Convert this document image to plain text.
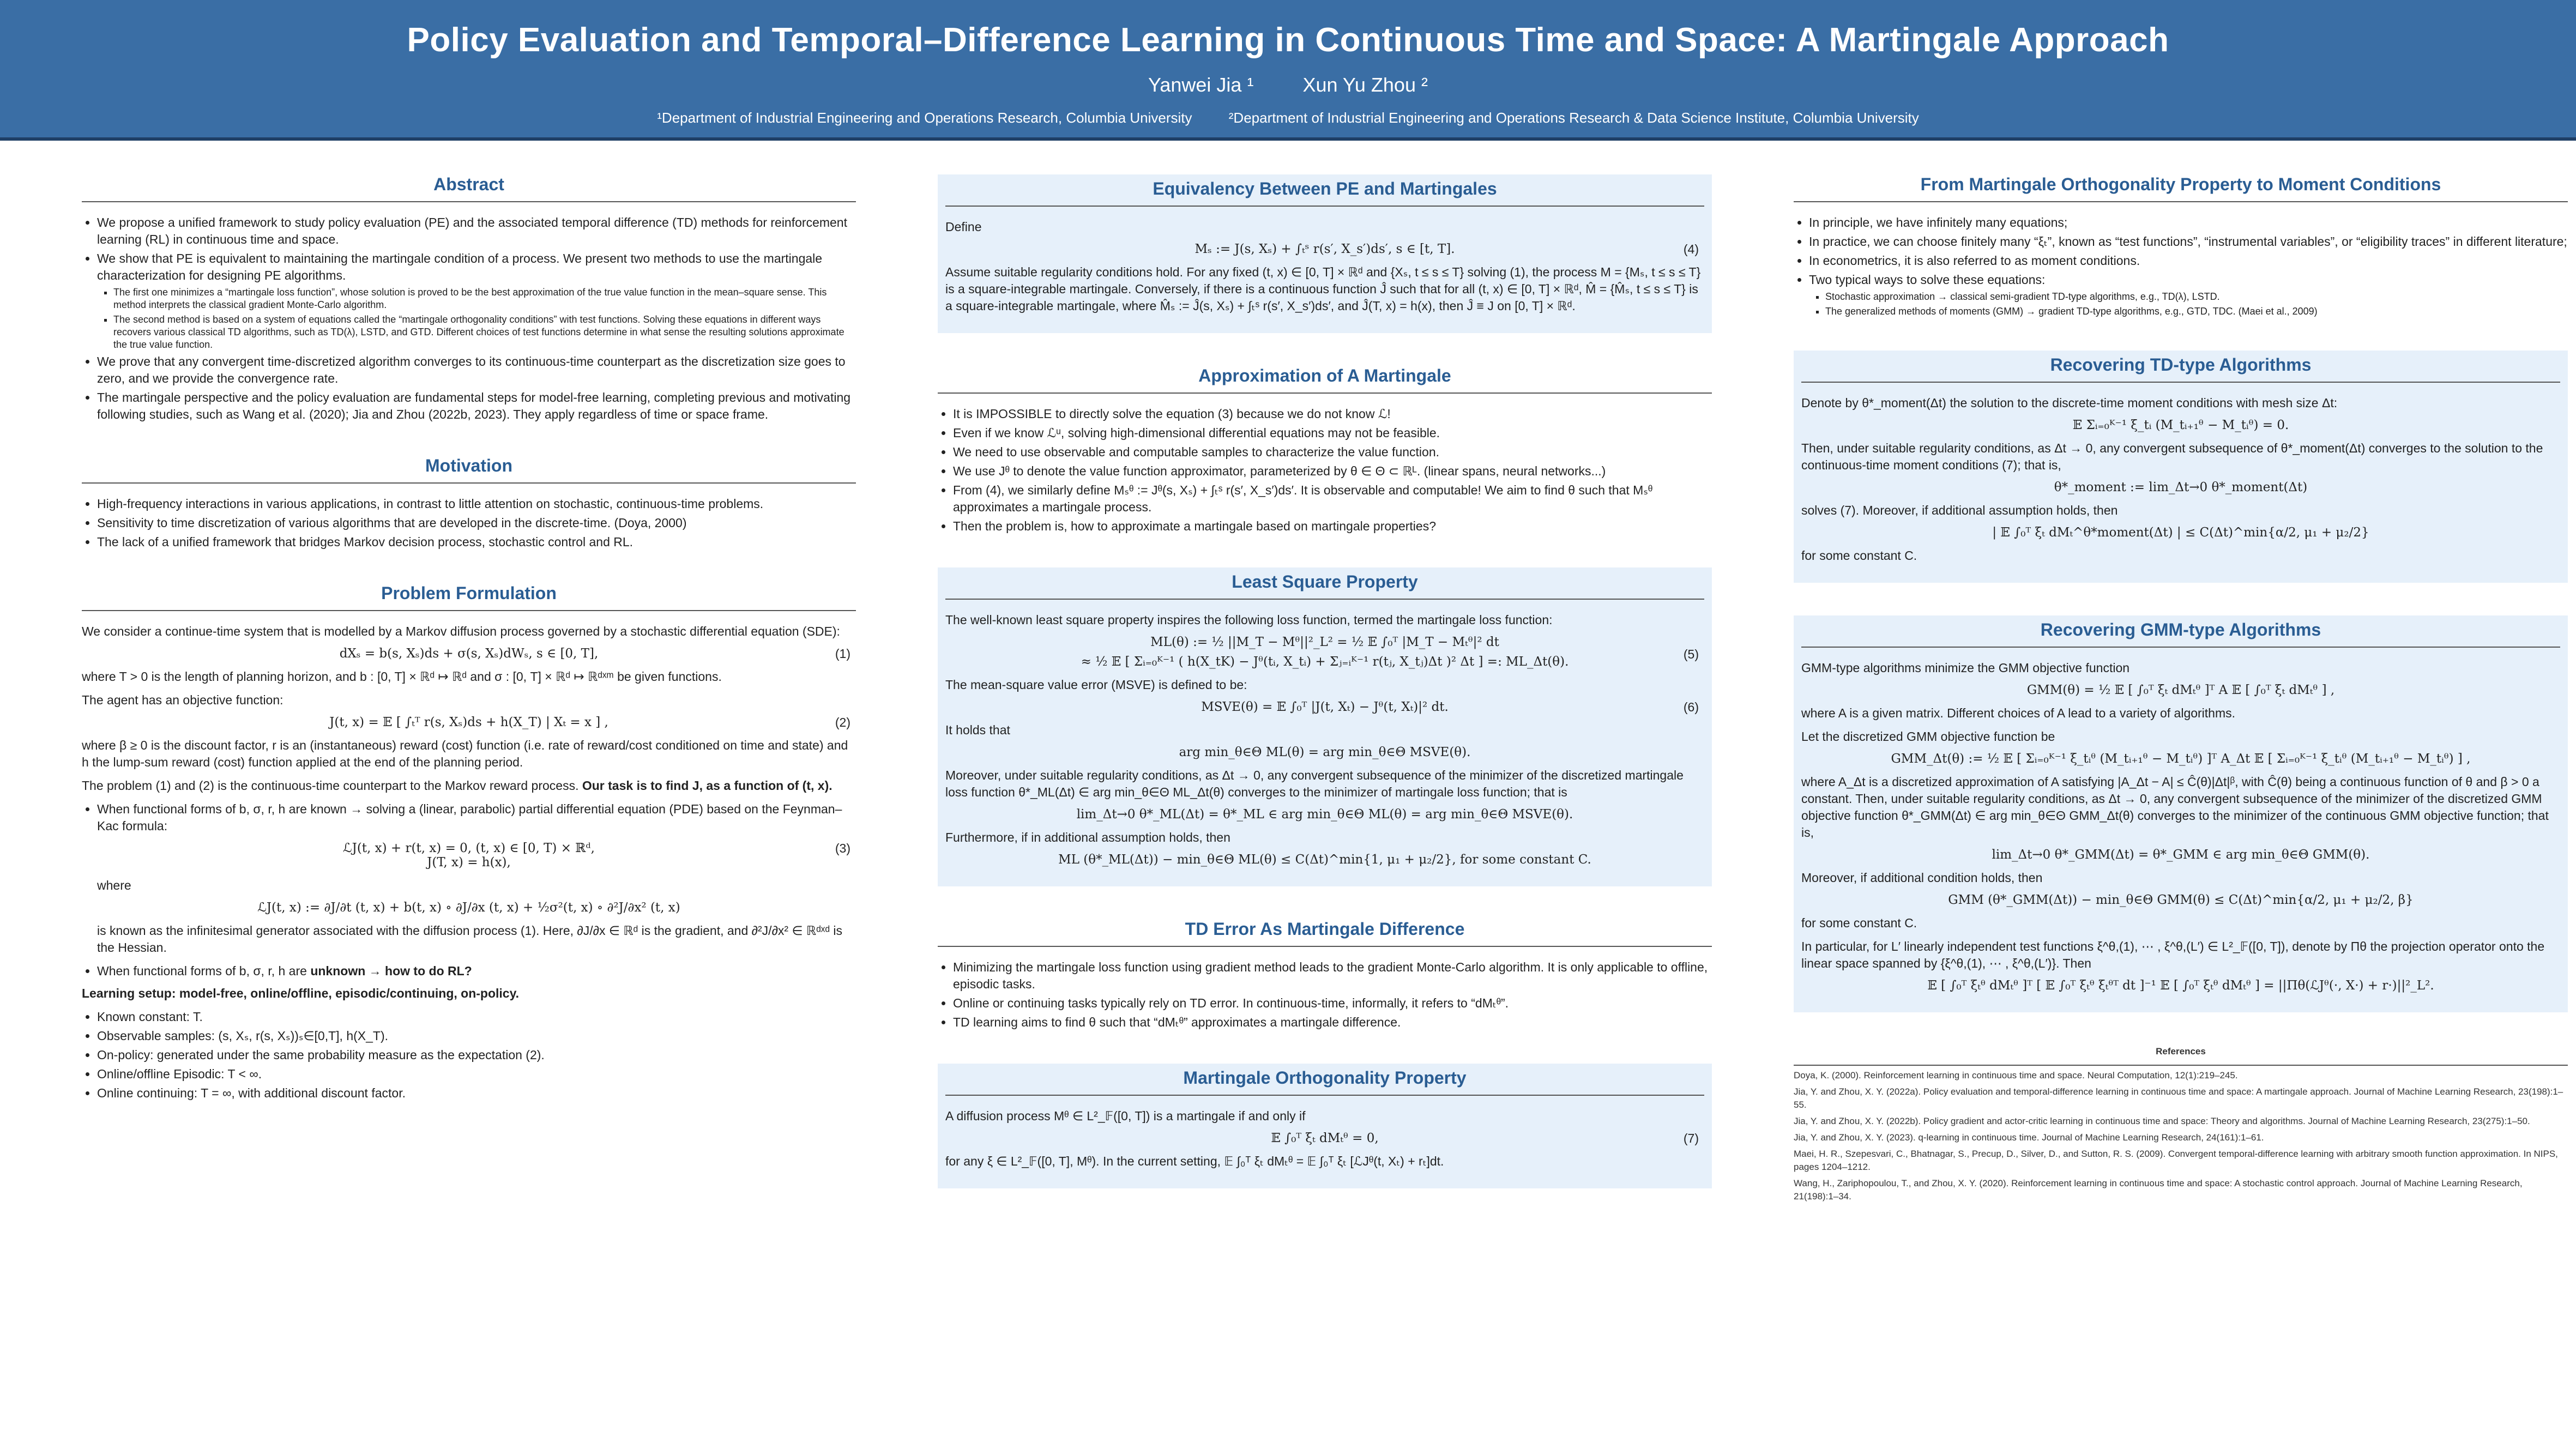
Policy Evaluation and Temporal–Difference Learning in Continuous Time and Space: A Martingale Approach
Yanwei Jia ¹	Xun Yu Zhou ²
¹Department of Industrial Engineering and Operations Research, Columbia University	²Department of Industrial Engineering and Operations Research & Data Science Institute, Columbia University
Abstract
• We propose a unified framework to study policy evaluation (PE) and the associated temporal difference (TD) methods for reinforcement learning (RL) in continuous time and space.
• We show that PE is equivalent to maintaining the martingale condition of a process. We present two methods to use the martingale characterization for designing PE algorithms.
▪ The first one minimizes a “martingale loss function”, whose solution is proved to be the best approximation of the true value function in the mean–square sense. This method interprets the classical gradient Monte-Carlo algorithm.
▪ The second method is based on a system of equations called the “martingale orthogonality conditions” with test functions. Solving these equations in different ways recovers various classical TD algorithms, such as TD(λ), LSTD, and GTD. Different choices of test functions determine in what sense the resulting solutions approximate the true value function.
• We prove that any convergent time-discretized algorithm converges to its continuous-time counterpart as the discretization size goes to zero, and we provide the convergence rate.
• The martingale perspective and the policy evaluation are fundamental steps for model-free learning, completing previous and motivating following studies, such as Wang et al. (2020); Jia and Zhou (2022b, 2023). They apply regardless of time or space frame.
Motivation
• High-frequency interactions in various applications, in contrast to little attention on stochastic, continuous-time problems.
• Sensitivity to time discretization of various algorithms that are developed in the discrete-time. (Doya, 2000)
• The lack of a unified framework that bridges Markov decision process, stochastic control and RL.
Problem Formulation

We consider a continue-time system that is modelled by a Markov diffusion process governed by a stochastic differential equation (SDE):

dXₛ = b(s, Xₛ)ds + σ(s, Xₛ)dWₛ, s ∈ [0, T],	(1)

where T > 0 is the length of planning horizon, and b : [0, T] × ℝᵈ ↦ ℝᵈ and σ : [0, T] × ℝᵈ ↦ ℝᵈˣᵐ be given functions.

The agent has an objective function:

J(t, x) = 𝔼 [ ∫ₜᵀ r(s, Xₛ)ds + h(X_T) | Xₜ = x ] ,	(2)

where β ≥ 0 is the discount factor, r is an (instantaneous) reward (cost) function (i.e. rate of reward/cost conditioned on time and state) and h the lump-sum reward (cost) function applied at the end of the planning period.

The problem (1) and (2) is the continuous-time counterpart to the Markov reward process. Our task is to find J, as a function of (t, x).

• When functional forms of b, σ, r, h are known → solving a (linear, parabolic) partial differential equation (PDE) based on the Feynman–Kac formula:
ℒJ(t, x) + r(t, x) = 0, (t, x) ∈ [0, T) × ℝᵈ,
J(T, x) = h(x),
(3)

where

ℒJ(t, x) := ∂J/∂t (t, x) + b(t, x) ∘ ∂J/∂x (t, x) + ½σ²(t, x) ∘ ∂²J/∂x² (t, x)

is known as the infinitesimal generator associated with the diffusion process (1). Here, ∂J/∂x ∈ ℝᵈ is the gradient, and ∂²J/∂x² ∈ ℝᵈˣᵈ is the Hessian.

• When functional forms of b, σ, r, h are unknown → how to do RL?

Learning setup: model-free, online/offline, episodic/continuing, on-policy.

• Known constant: T.
• Observable samples: (s, Xₛ, r(s, Xₛ))ₛ∈[0,T], h(X_T).
• On-policy: generated under the same probability measure as the expectation (2).
• Online/offline Episodic: T < ∞.
• Online continuing: T = ∞, with additional discount factor.
Equivalency Between PE and Martingales

Define

Mₛ := J(s, Xₛ) + ∫ₜˢ r(s′, X_s′)ds′, s ∈ [t, T].	(4)

Assume suitable regularity conditions hold. For any fixed (t, x) ∈ [0, T] × ℝᵈ and {Xₛ, t ≤ s ≤ T} solving (1), the process M = {Mₛ, t ≤ s ≤ T} is a square-integrable martingale. Conversely, if there is a continuous function Ĵ such that for all (t, x) ∈ [0, T] × ℝᵈ, M̂ = {M̂ₛ, t ≤ s ≤ T} is a square-integrable martingale, where M̂ₛ := Ĵ(s, Xₛ) + ∫ₜˢ r(s′, X_s′)ds′, and Ĵ(T, x) = h(x), then Ĵ ≡ J on [0, T] × ℝᵈ.

Approximation of A Martingale
• It is IMPOSSIBLE to directly solve the equation (3) because we do not know ℒ!
• Even if we know ℒᵘ, solving high-dimensional differential equations may not be feasible.
• We need to use observable and computable samples to characterize the value function.
• We use Jᶿ to denote the value function approximator, parameterized by θ ∈ Θ ⊂ ℝᴸ. (linear spans, neural networks...)
• From (4), we similarly define Mₛᶿ := Jᶿ(s, Xₛ) + ∫ₜˢ r(s′, X_s′)ds′. It is observable and computable! We aim to find θ such that Mₛᶿ approximates a martingale process.
• Then the problem is, how to approximate a martingale based on martingale properties?
Least Square Property

The well-known least square property inspires the following loss function, termed the martingale loss function:

ML(θ) := ½ ||M_T − Mᶿ||²_L² = ½ 𝔼 ∫₀ᵀ |M_T − Mₜᶿ|² dt
≈ ½ 𝔼 [ Σᵢ₌₀ᴷ⁻¹ ( h(X_tK) − Jᶿ(tᵢ, X_tᵢ) + Σⱼ₌ᵢᴷ⁻¹ r(tⱼ, X_tⱼ)Δt )² Δt ] =: ML_Δt(θ).
(5)

The mean-square value error (MSVE) is defined to be:

MSVE(θ) = 𝔼 ∫₀ᵀ |J(t, Xₜ) − Jᶿ(t, Xₜ)|² dt.	(6)

It holds that

arg min_θ∈Θ ML(θ) = arg min_θ∈Θ MSVE(θ).

Moreover, under suitable regularity conditions, as Δt → 0, any convergent subsequence of the minimizer of the discretized martingale loss function θ*_ML(Δt) ∈ arg min_θ∈Θ ML_Δt(θ) converges to the minimizer of martingale loss function; that is

lim_Δt→0 θ*_ML(Δt) = θ*_ML ∈ arg min_θ∈Θ ML(θ) = arg min_θ∈Θ MSVE(θ).

Furthermore, if in additional assumption holds, then

ML (θ*_ML(Δt)) − min_θ∈Θ ML(θ) ≤ C(Δt)^min{1, μ₁ + μ₂/2}, for some constant C.
TD Error As Martingale Difference
• Minimizing the martingale loss function using gradient method leads to the gradient Monte-Carlo algorithm. It is only applicable to offline, episodic tasks.
• Online or continuing tasks typically rely on TD error. In continuous-time, informally, it refers to “dMₜᶿ”.
• TD learning aims to find θ such that “dMₜᶿ” approximates a martingale difference.
Martingale Orthogonality Property

A diffusion process Mᶿ ∈ L²_𝔽([0, T]) is a martingale if and only if

𝔼 ∫₀ᵀ ξₜ dMₜᶿ = 0,	(7)

for any ξ ∈ L²_𝔽([0, T], Mᶿ). In the current setting, 𝔼 ∫₀ᵀ ξₜ dMₜᶿ = 𝔼 ∫₀ᵀ ξₜ [ℒJᶿ(t, Xₜ) + rₜ]dt.

From Martingale Orthogonality Property to Moment Conditions
• In principle, we have infinitely many equations;
• In practice, we can choose finitely many “ξₜ”, known as “test functions”, “instrumental variables”, or “eligibility traces” in different literature;
• In econometrics, it is also referred to as moment conditions.
• Two typical ways to solve these equations:
▪ Stochastic approximation → classical semi-gradient TD-type algorithms, e.g., TD(λ), LSTD.
▪ The generalized methods of moments (GMM) → gradient TD-type algorithms, e.g., GTD, TDC. (Maei et al., 2009)
Recovering TD-type Algorithms

Denote by θ*_moment(Δt) the solution to the discrete-time moment conditions with mesh size Δt:

𝔼 Σᵢ₌₀ᴷ⁻¹ ξ_tᵢ (M_tᵢ₊₁ᶿ − M_tᵢᶿ) = 0.

Then, under suitable regularity conditions, as Δt → 0, any convergent subsequence of θ*_moment(Δt) converges to the solution to the continuous-time moment conditions (7); that is,

θ*_moment := lim_Δt→0 θ*_moment(Δt)

solves (7). Moreover, if additional assumption holds, then

| 𝔼 ∫₀ᵀ ξₜ dMₜ^θ*moment(Δt) | ≤ C(Δt)^min{α/2, μ₁ + μ₂/2}

for some constant C.

Recovering GMM-type Algorithms

GMM-type algorithms minimize the GMM objective function

GMM(θ) = ½ 𝔼 [ ∫₀ᵀ ξₜ dMₜᶿ ]ᵀ A 𝔼 [ ∫₀ᵀ ξₜ dMₜᶿ ] ,

where A is a given matrix. Different choices of A lead to a variety of algorithms.

Let the discretized GMM objective function be

GMM_Δt(θ) := ½ 𝔼 [ Σᵢ₌₀ᴷ⁻¹ ξ_tᵢᶿ (M_tᵢ₊₁ᶿ − M_tᵢᶿ) ]ᵀ A_Δt 𝔼 [ Σᵢ₌₀ᴷ⁻¹ ξ_tᵢᶿ (M_tᵢ₊₁ᶿ − M_tᵢᶿ) ] ,

where A_Δt is a discretized approximation of A satisfying |A_Δt − A| ≤ Ĉ(θ)|Δt|ᵝ, with Ĉ(θ) being a continuous function of θ and β > 0 a constant. Then, under suitable regularity conditions, as Δt → 0, any convergent subsequence of the minimizer of the discretized GMM objective function θ*_GMM(Δt) ∈ arg min_θ∈Θ GMM_Δt(θ) converges to the minimizer of the continuous GMM objective function; that is,

lim_Δt→0 θ*_GMM(Δt) = θ*_GMM ∈ arg min_θ∈Θ GMM(θ).

Moreover, if additional condition holds, then

GMM (θ*_GMM(Δt)) − min_θ∈Θ GMM(θ) ≤ C(Δt)^min{α/2, μ₁ + μ₂/2, β}

for some constant C.

In particular, for L′ linearly independent test functions ξ^θ,(1), ⋯ , ξ^θ,(L′) ∈ L²_𝔽([0, T]), denote by Πθ the projection operator onto the linear space spanned by {ξ^θ,(1), ⋯ , ξ^θ,(L′)}. Then

𝔼 [ ∫₀ᵀ ξₜᶿ dMₜᶿ ]ᵀ [ 𝔼 ∫₀ᵀ ξₜᶿ ξₜᶿᵀ dt ]⁻¹ 𝔼 [ ∫₀ᵀ ξₜᶿ dMₜᶿ ] = ||Πθ(ℒJᶿ(·, X·) + r·)||²_L².
References
Doya, K. (2000). Reinforcement learning in continuous time and space. Neural Computation, 12(1):219–245.
Jia, Y. and Zhou, X. Y. (2022a). Policy evaluation and temporal-difference learning in continuous time and space: A martingale approach. Journal of Machine Learning Research, 23(198):1–55.
Jia, Y. and Zhou, X. Y. (2022b). Policy gradient and actor-critic learning in continuous time and space: Theory and algorithms. Journal of Machine Learning Research, 23(275):1–50.
Jia, Y. and Zhou, X. Y. (2023). q-learning in continuous time. Journal of Machine Learning Research, 24(161):1–61.
Maei, H. R., Szepesvari, C., Bhatnagar, S., Precup, D., Silver, D., and Sutton, R. S. (2009). Convergent temporal-difference learning with arbitrary smooth function approximation. In NIPS, pages 1204–1212.
Wang, H., Zariphopoulou, T., and Zhou, X. Y. (2020). Reinforcement learning in continuous time and space: A stochastic control approach. Journal of Machine Learning Research, 21(198):1–34.
